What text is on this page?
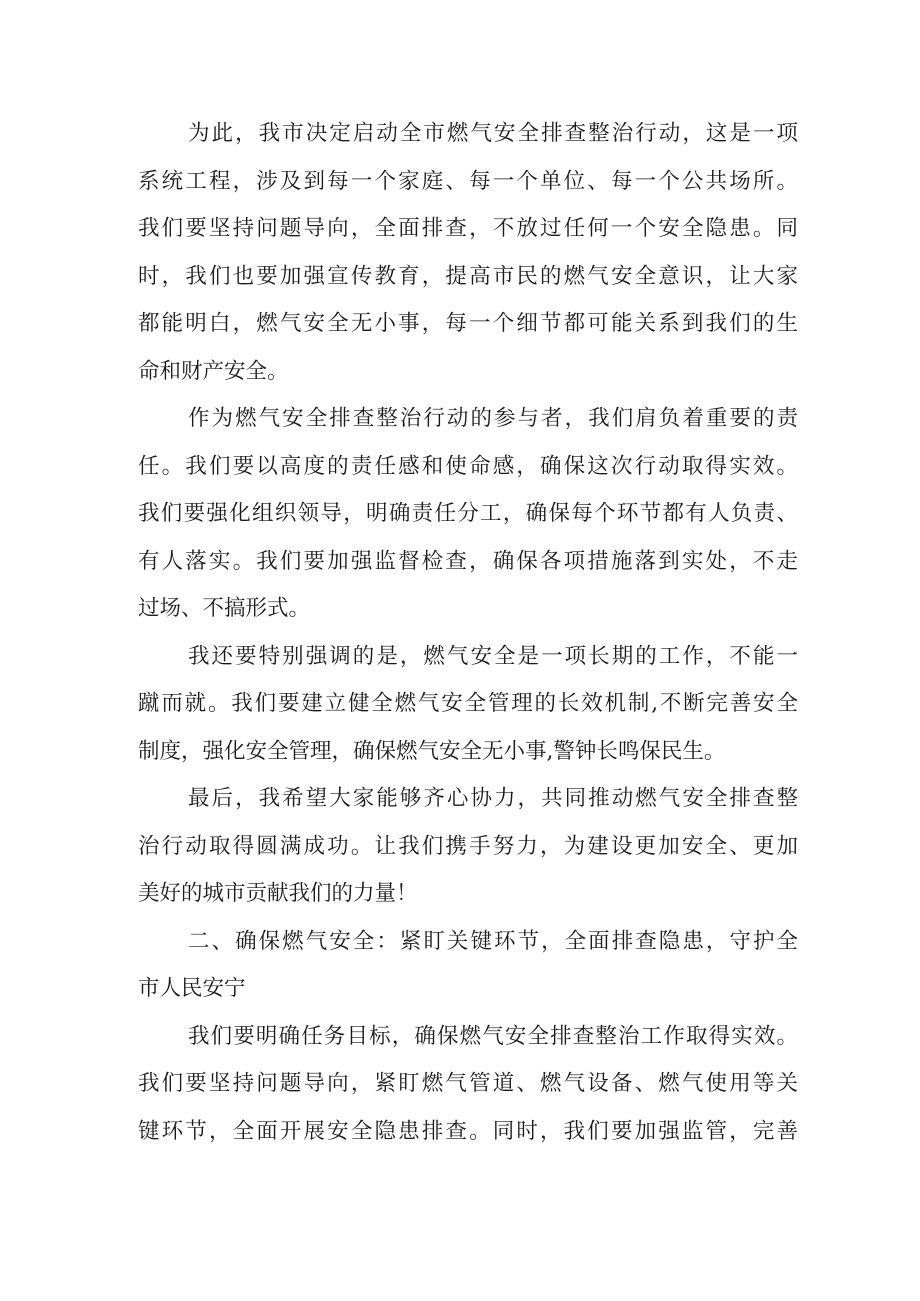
为此，我市决定启动全市燃气安全排查整治行动，这是一项
系统工程，涉及到每一个家庭、每一个单位、每一个公共场所。
我们要坚持问题导向，全面排查，不放过任何一个安全隐患。同
时，我们也要加强宣传教育，提高市民的燃气安全意识，让大家
都能明白，燃气安全无小事，每一个细节都可能关系到我们的生
命和财产安全。
作为燃气安全排查整治行动的参与者，我们肩负着重要的责
任。我们要以高度的责任感和使命感，确保这次行动取得实效。
我们要强化组织领导，明确责任分工，确保每个环节都有人负责、
有人落实。我们要加强监督检查，确保各项措施落到实处，不走
过场、不搞形式。
我还要特别强调的是，燃气安全是一项长期的工作，不能一
蹴而就。我们要建立健全燃气安全管理的长效机制,不断完善安全
制度，强化安全管理，确保燃气安全无小事,警钟长鸣保民生。
最后，我希望大家能够齐心协力，共同推动燃气安全排查整
治行动取得圆满成功。让我们携手努力，为建设更加安全、更加
美好的城市贡献我们的力量！
二、确保燃气安全：紧盯关键环节，全面排查隐患，守护全
市人民安宁
我们要明确任务目标，确保燃气安全排查整治工作取得实效。
我们要坚持问题导向，紧盯燃气管道、燃气设备、燃气使用等关
键环节，全面开展安全隐患排查。同时，我们要加强监管，完善
